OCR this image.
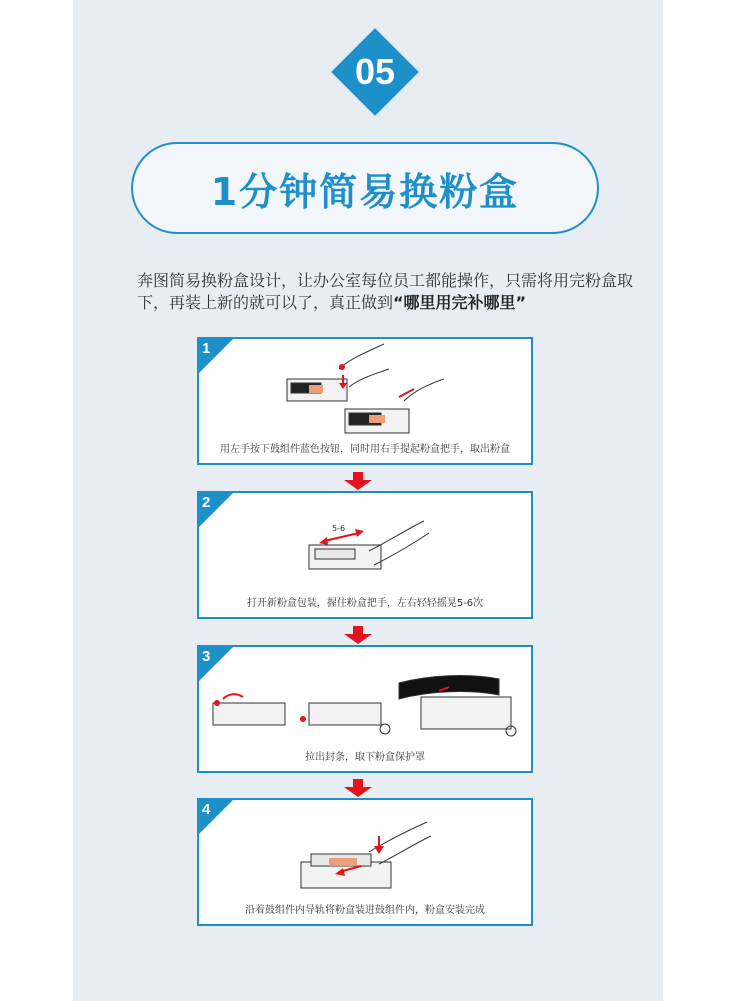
05
1分钟简易换粉盒
奔图简易换粉盒设计，让办公室每位员工都能操作，只需将用完粉盒取下，再装上新的就可以了，真正做到“哪里用完补哪里”
1
用左手按下鼓组件蓝色按钮，同时用右手提起粉盒把手，取出粉盒
5-6
2
打开新粉盒包装，握住粉盒把手，左右轻轻摇晃5-6次
3
拉出封条，取下粉盒保护罩
4
沿着鼓组件内导轨将粉盒装进鼓组件内，粉盒安装完成
